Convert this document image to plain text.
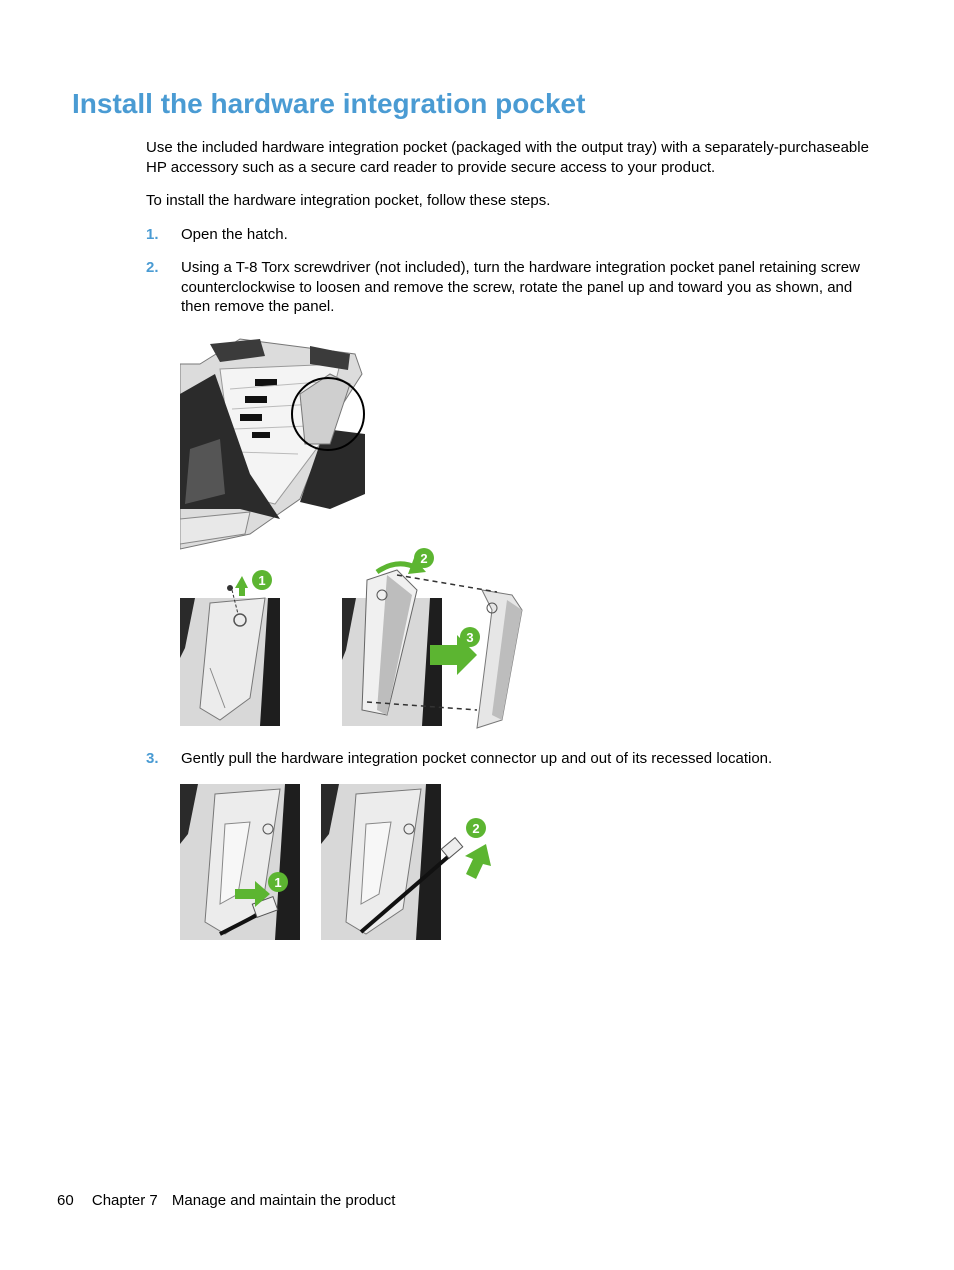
Install the hardware integration pocket

Use the included hardware integration pocket (packaged with the output tray) with a separately-purchaseable HP accessory such as a secure card reader to provide secure access to your product.

To install the hardware integration pocket, follow these steps.

1. Open the hatch.
2. Using a T-8 Torx screwdriver (not included), turn the hardware integration pocket panel retaining screw counterclockwise to loosen and remove the screw, rotate the panel up and toward you as shown, and then remove the panel.
1
2
3
3. Gently pull the hardware integration pocket connector up and out of its recessed location.
1
2

60 Chapter 7 Manage and maintain the product
